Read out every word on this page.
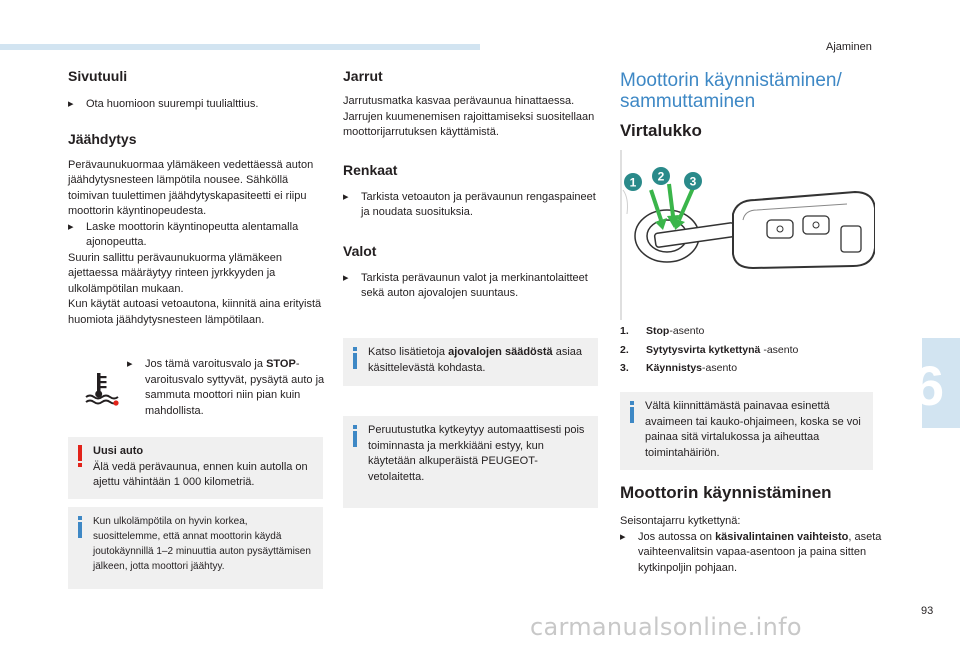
Ajaminen
6
93
carmanualsonline.info
Sivutuuli

▸ Ota huomioon suurempi tuulialttius.

Jäähdytys

Perävaunukuormaa ylämäkeen vedettäessä auton jäähdytysnesteen lämpötila nousee. Sähköllä toimivan tuulettimen jäähdytyskapasiteetti ei riipu moottorin käyntinopeudesta.

▸ Laske moottorin käyntinopeutta alentamalla ajonopeutta.

Suurin sallittu perävaunukuorma ylämäkeen ajettaessa määräytyy rinteen jyrkkyyden ja ulkolämpötilan mukaan.

Kun käytät autoasi vetoautona, kiinnitä aina erityistä huomiota jäähdytysnesteen lämpötilaan.

▸ Jos tämä varoitusvalo ja STOP-varoitusvalo syttyvät, pysäytä auto ja sammuta moottori niin pian kuin mahdollista.

Uusi auto

Älä vedä perävaunua, ennen kuin autolla on ajettu vähintään 1 000 kilometriä.

Kun ulkolämpötila on hyvin korkea, suosittelemme, että annat moottorin käydä joutokäynnillä 1–2 minuuttia auton pysäyttämisen jälkeen, jotta moottori jäähtyy.

Jarrut

Jarrutusmatka kasvaa perävaunua hinattaessa. Jarrujen kuumenemisen rajoittamiseksi suositellaan moottorijarrutuksen käyttämistä.

Renkaat

▸ Tarkista vetoauton ja perävaunun rengaspaineet ja noudata suosituksia.

Valot

▸ Tarkista perävaunun valot ja merkinantolaitteet sekä auton ajovalojen suuntaus.

Katso lisätietoja ajovalojen säädöstä asiaa käsittelevästä kohdasta.

Peruutustutka kytkeytyy automaattisesti pois toiminnasta ja merkkiääni estyy, kun käytetään alkuperäistä PEUGEOT-vetolaitetta.

Moottorin käynnistäminen/
sammuttaminen
Virtalukko
1 2 3

1. Stop-asento

2. Sytytysvirta kytkettynä -asento

3. Käynnistys-asento

Vältä kiinnittämästä painavaa esinettä avaimeen tai kauko-ohjaimeen, koska se voi painaa sitä virtalukossa ja aiheuttaa toimintahäiriön.

Moottorin käynnistäminen

Seisontajarru kytkettynä:

▸ Jos autossa on käsivalintainen vaihteisto, aseta vaihteenvalitsin vapaa-asentoon ja paina sitten kytkinpoljin pohjaan.
